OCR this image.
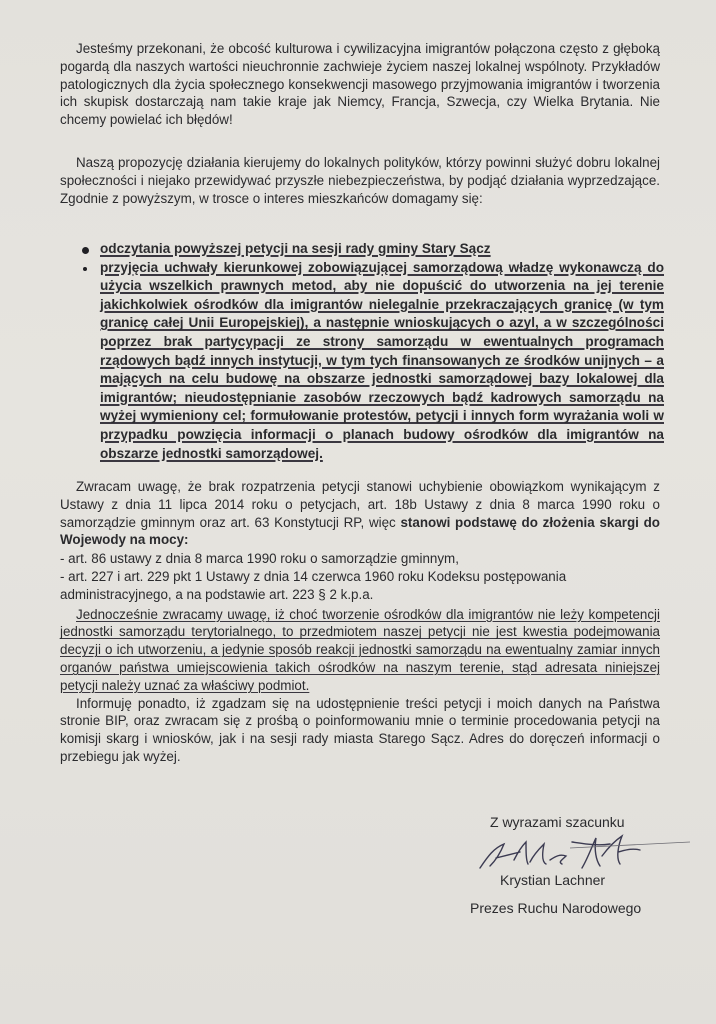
Jesteśmy przekonani, że obcość kulturowa i cywilizacyjna imigrantów połączona często z głęboką pogardą dla naszych wartości nieuchronnie zachwieje życiem naszej lokalnej wspólnoty. Przykładów patologicznych dla życia społecznego konsekwencji masowego przyjmowania imigrantów i tworzenia ich skupisk dostarczają nam takie kraje jak Niemcy, Francja, Szwecja, czy Wielka Brytania. Nie chcemy powielać ich błędów!

Naszą propozycję działania kierujemy do lokalnych polityków, którzy powinni służyć dobru lokalnej społeczności i niejako przewidywać przyszłe niebezpieczeństwa, by podjąć działania wyprzedzające. Zgodnie z powyższym, w trosce o interes mieszkańców domagamy się:

odczytania powyższej petycji na sesji rady gminy Stary Sącz
przyjęcia uchwały kierunkowej zobowiązującej samorządową władzę wykonawczą do użycia wszelkich prawnych metod, aby nie dopuścić do utworzenia na jej terenie jakichkolwiek ośrodków dla imigrantów nielegalnie przekraczających granicę (w tym granicę całej Unii Europejskiej), a następnie wnioskujących o azyl, a w szczególności poprzez brak partycypacji ze strony samorządu w ewentualnych programach rządowych bądź innych instytucji, w tym tych finansowanych ze środków unijnych – a mających na celu budowę na obszarze jednostki samorządowej bazy lokalowej dla imigrantów; nieudostępnianie zasobów rzeczowych bądź kadrowych samorządu na wyżej wymieniony cel; formułowanie protestów, petycji i innych form wyrażania woli w przypadku powzięcia informacji o planach budowy ośrodków dla imigrantów na obszarze jednostki samorządowej.

Zwracam uwagę, że brak rozpatrzenia petycji stanowi uchybienie obowiązkom wynikającym z Ustawy z dnia 11 lipca 2014 roku o petycjach, art. 18b Ustawy z dnia 8 marca 1990 roku o samorządzie gminnym oraz art. 63 Konstytucji RP, więc stanowi podstawę do złożenia skargi do Wojewody na mocy:

- art. 86 ustawy z dnia 8 marca 1990 roku o samorządzie gminnym,
- art. 227 i art. 229 pkt 1 Ustawy z dnia 14 czerwca 1960 roku Kodeksu postępowania administracyjnego, a na podstawie art. 223 § 2 k.p.a.

Jednocześnie zwracamy uwagę, iż choć tworzenie ośrodków dla imigrantów nie leży kompetencji jednostki samorządu terytorialnego, to przedmiotem naszej petycji nie jest kwestia podejmowania decyzji o ich utworzeniu, a jedynie sposób reakcji jednostki samorządu na ewentualny zamiar innych organów państwa umiejscowienia takich ośrodków na naszym terenie, stąd adresata niniejszej petycji należy uznać za właściwy podmiot.

Informuję ponadto, iż zgadzam się na udostępnienie treści petycji i moich danych na Państwa stronie BIP, oraz zwracam się z prośbą o poinformowaniu mnie o terminie procedowania petycji na komisji skarg i wniosków, jak i na sesji rady miasta Starego Sącz. Adres do doręczeń informacji o przebiegu jak wyżej.

Z wyrazami szacunku
Krystian Lachner
Prezes Ruchu Narodowego
